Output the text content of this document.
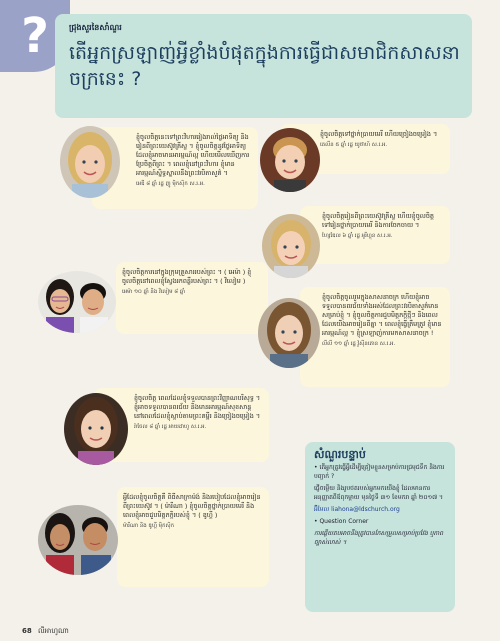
?	ជ្រុងសួរនៃសាំណួរ
តើអ្នកស្រឡាញ់អ្វីខ្លាំងបំផុតក្នុងការធ្វើជាសមាជិកសាសនាចក្រនេះ ?

ខ្ញុំចូលចិត្តនេះទៅព្រះវិហាររៀងរាល់ថ្ងៃអាទិត្យ និងរៀនពីព្រះយេស៊ូវគ្រីស្ទ ។ ខ្ញុំចូលចិត្តនូវថ្ងៃអាទិត្យដែលខ្ញុំអាចមានអារម្មណ៍ល្អ ហើយមើលឃើញការប្រែចិត្តពីព្រះ ។ ពេលខ្ញុំនៅព្រះវិហារ ខ្ញុំមានអារម្មណ៍ស្និទ្ធស្នាលនឹងព្រះវរបិតាសួគ៌ ។

អេឌី ៨ ឆ្នាំ រដ្ឋ ញូ ម៉ិកស៊ិក ស.រ.អ.

ខ្ញុំចូលចិត្តទៅថ្នាក់ប្រាយមេរី ហើយច្រៀងចម្រៀង ។

គេលីន ៥ ឆ្នាំ រដ្ឋ យូថាហ៍ ស.រ.អ.

ខ្ញុំចូលចិត្តរៀនពីព្រះយេស៊ូវគ្រីស្ទ ហើយខ្ញុំចូលចិត្តទៅរៀនថ្នាក់ប្រាយមេរី និងការចែកចាយ ។

ហ្សៃឌែល ៦ ឆ្នាំ រដ្ឋ អូរីហ្គុន ស.រ.អ.

ខ្ញុំចូលចិត្តការនៅក្នុងក្រុមគ្រួសាររបស់ព្រះ ។ ( អេម៉ា ) ខ្ញុំចូលចិត្តនៅពេលខ្ញុំស្វែងរកពន្លឺរបស់ព្រះ ។ ( វិលៀម )

អេម៉ា ១០ ឆ្នាំ និង វិលៀម ៨ ឆ្នាំ

ខ្ញុំចូលចិត្តចូលរួមក្នុងសាសនាចក្រ ហើយខ្ញុំអាចទទួលបានពរជ័យទាំងអស់ដែលព្រះវរបិតាសួគ៌មានសម្រាប់ខ្ញុំ ។ ខ្ញុំចូលចិត្តការជួបមិត្តភក្តិថ្មីៗ និងពេលដែលយើងអាចរៀនពីគ្នា ។ ពេលខ្ញុំធ្វើត្រឹមត្រូវ ខ្ញុំមានអារម្មណ៍ល្អ ។ ខ្ញុំស្រឡាញ់ការមកសាសនាចក្រ !

លីលី ១១ ឆ្នាំ រដ្ឋ វ៉ូស៊ីនតោន ស.រ.អ.

ខ្ញុំចូលចិត្ត ពេលដែលខ្ញុំទទួលបានព្រះវិញ្ញាណបរិសុទ្ធ ។ ខ្ញុំអាចទទួលបានពរជ័យ និងមានអារម្មណ៍សុខសាន្តនៅពេលដែលខ្ញុំស្ដាប់តាមព្រះគម្ពីរ និងច្រៀងចម្រៀង ។

រ៉ាចែល ៨ ឆ្នាំ រដ្ឋ អាយដាហូ ស.រ.អ.

អ្វីដែលខ្ញុំចូលចិត្តគឺ ពិធីសាក្រាម៉ង់ និងរបៀបដែលខ្ញុំអាចរៀនពីព្រះយេស៊ូវ ។ ( ម៉ារីណា ) ខ្ញុំចូលចិត្តថ្នាក់ប្រាយមេរី និងពេលខ្ញុំអាចជួបមិត្តភក្តិរបស់ខ្ញុំ ។ ( ឌូហ្គី )

ម៉ារីណា និង ឌូហ្គី ម៉ិកស៊ិក

សំណួរបន្ទាប់

• តើអ្នកត្រូវធ្វើអ្វីដើម្បីត្រៀមខ្លួនសម្រាប់ការជ្រមុជទឹក និងការបញ្ជាក់ ?

ផ្ញើចម្លើយ និងរូបថតរបស់អ្នកមកយើងខ្ញុំ ដែលមានការអនុញ្ញាតពីឪពុកម្ដាយ មុនថ្ងៃទី ៣១ ខែមករា ឆ្នាំ ២០១៧ ។

អ៊ីមែល liahona@ldschurch.org

• Question Corner

ការឆ្លើយតបអាចនឹងត្រូវបានកែសម្រួលសម្រាប់ប្រវែង ឬភាពច្បាស់លាស់ ។

68 លីអាហូណា
